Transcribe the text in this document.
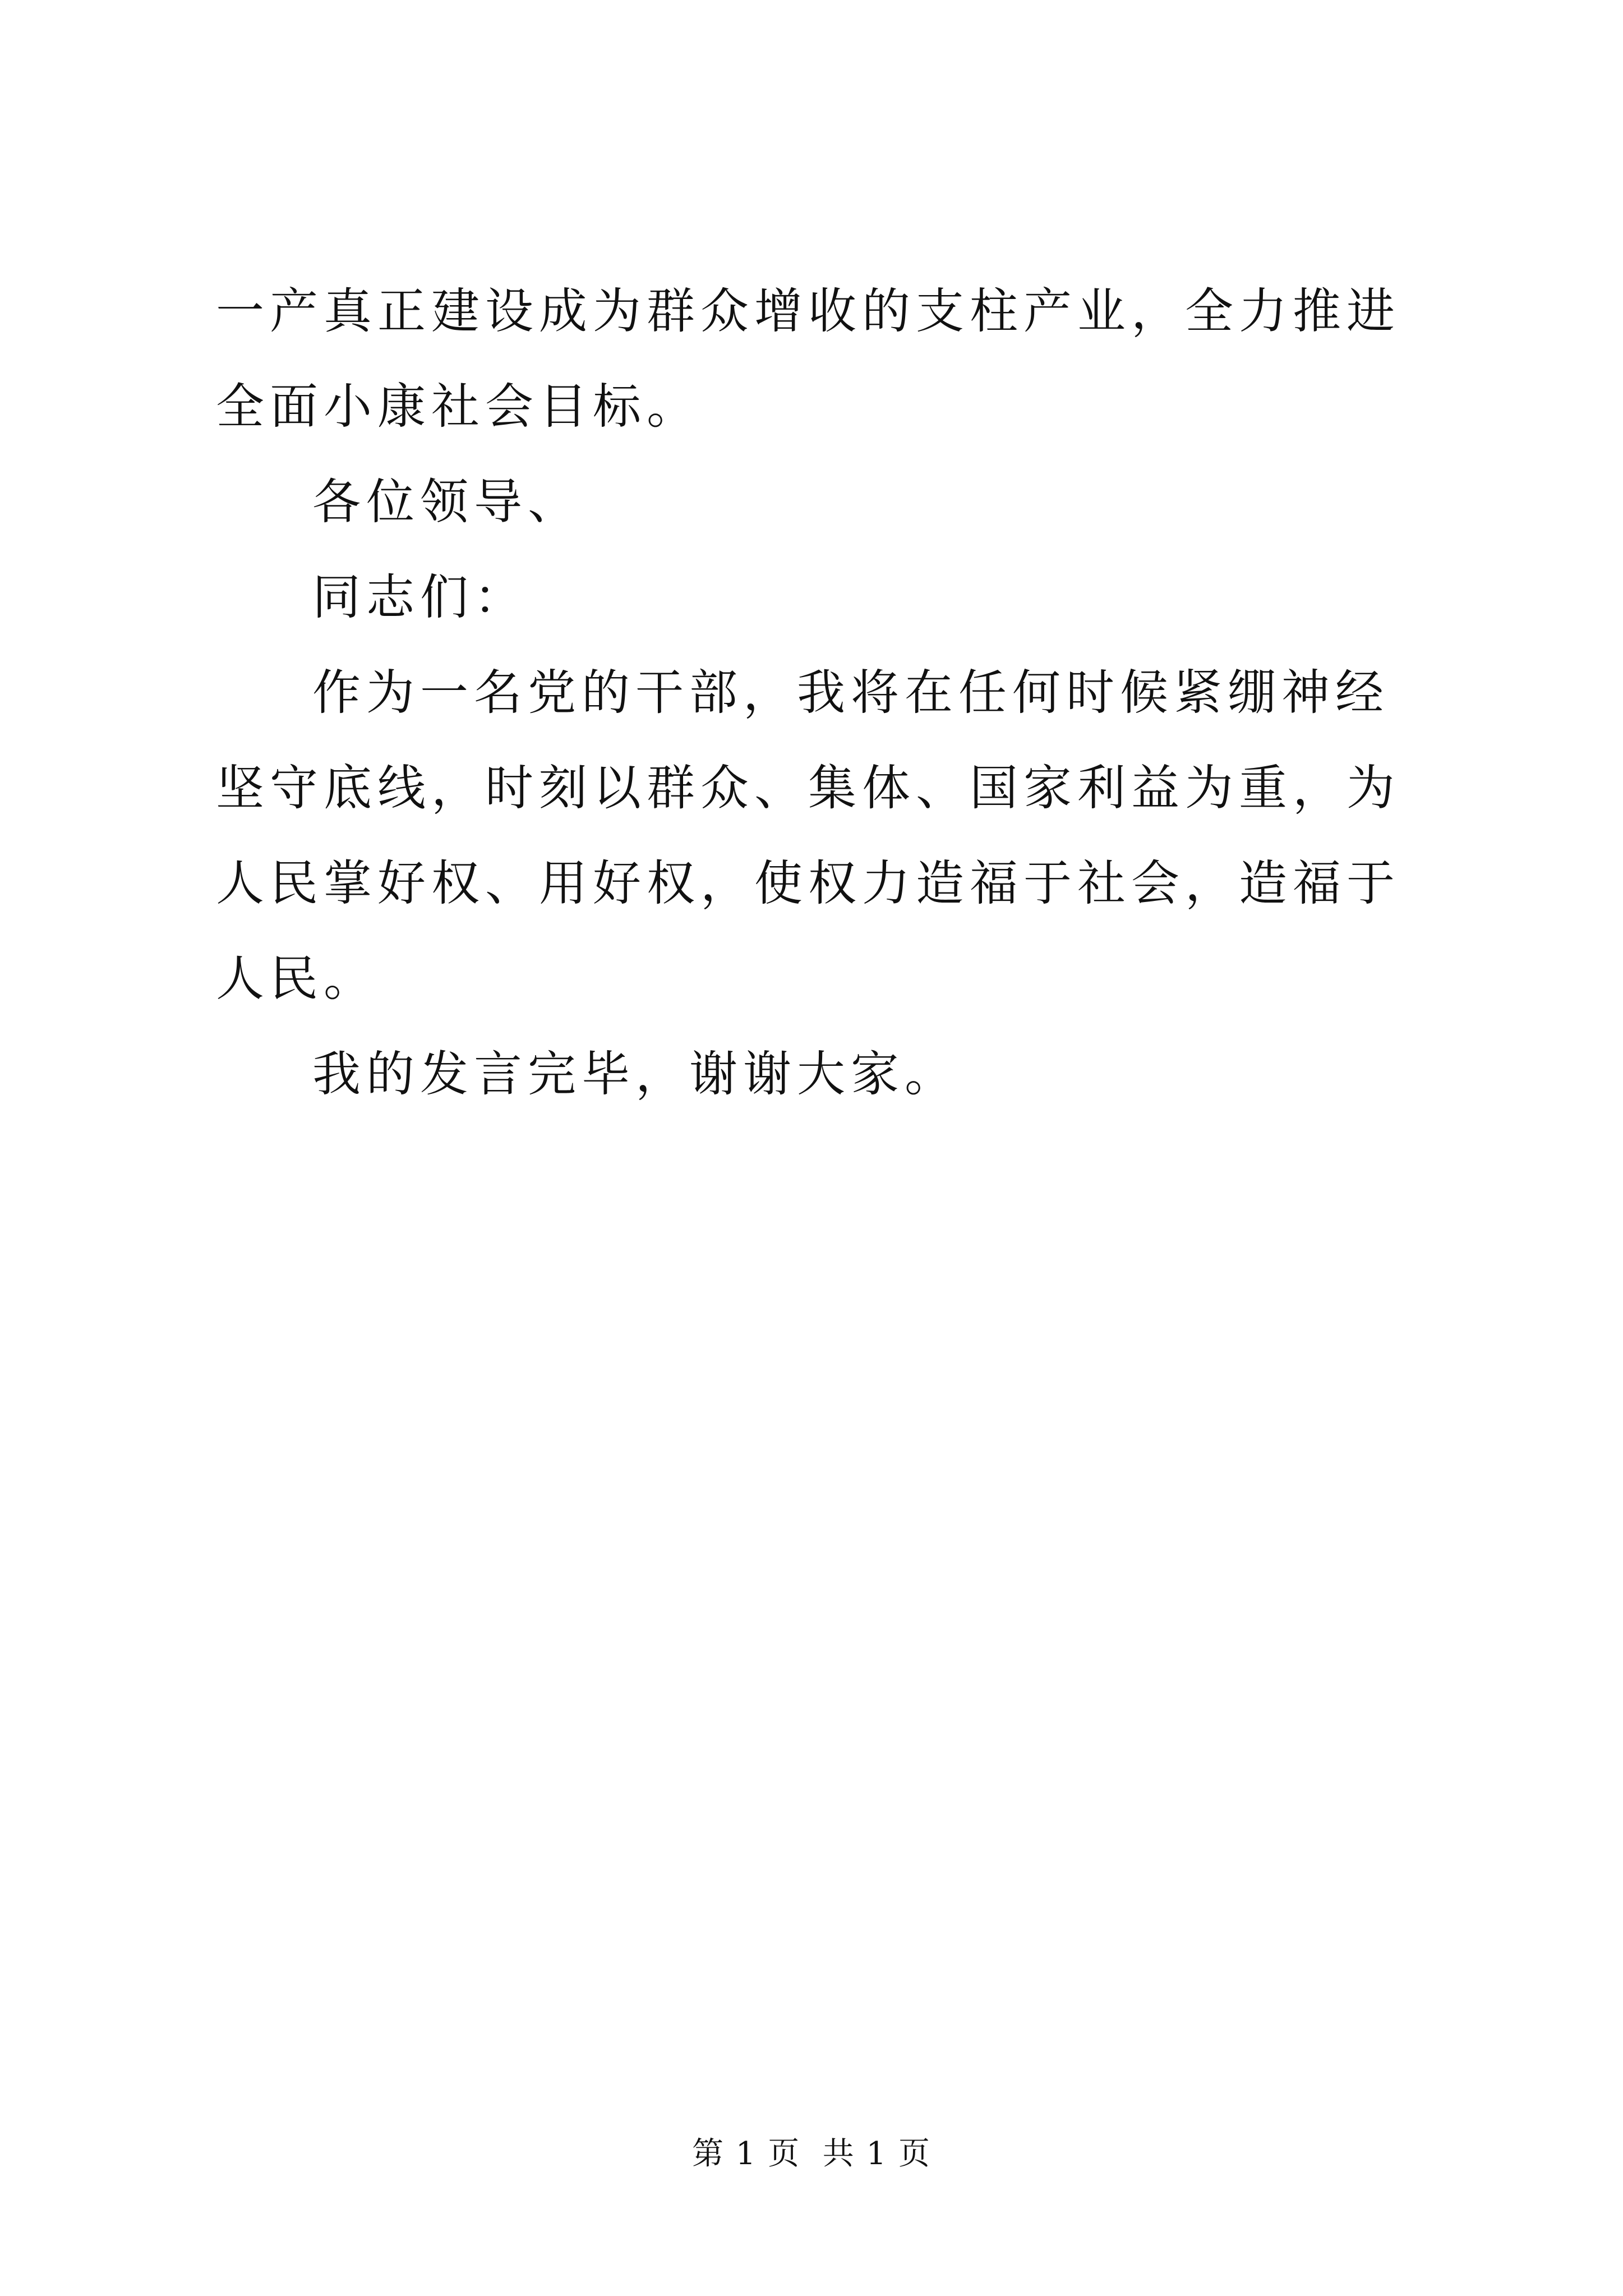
一产真正建设成为群众增收的支柱产业，全力推进全面小康社会目标。

各位领导、

同志们：

作为一名党的干部，我将在任何时候紧绷神经坚守底线，时刻以群众、集体、国家利益为重，为人民掌好权、用好权，使权力造福于社会，造福于人民。

我的发言完毕，谢谢大家。

第 1 页  共 1 页
